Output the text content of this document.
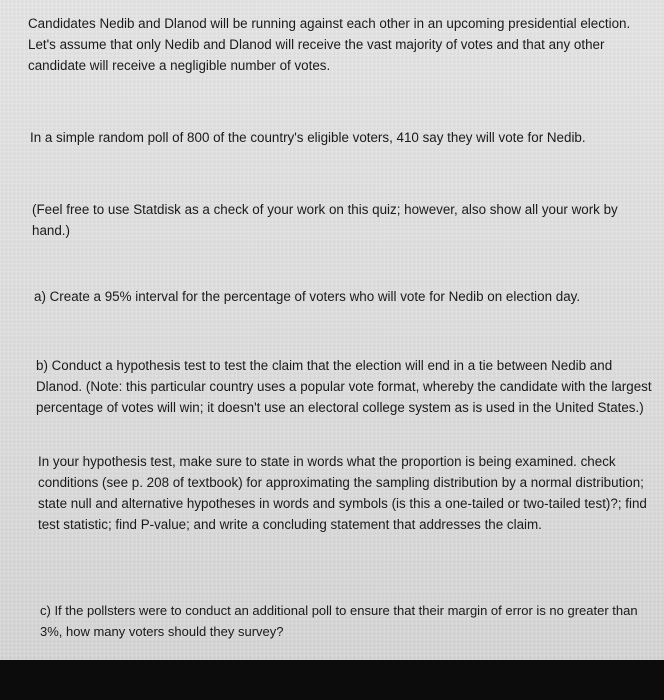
Candidates Nedib and Dlanod will be running against each other in an upcoming presidential election. Let's assume that only Nedib and Dlanod will receive the vast majority of votes and that any other candidate will receive a negligible number of votes.

In a simple random poll of 800 of the country's eligible voters, 410 say they will vote for Nedib.

(Feel free to use Statdisk as a check of your work on this quiz; however, also show all your work by hand.)

a) Create a 95% interval for the percentage of voters who will vote for Nedib on election day.

b) Conduct a hypothesis test to test the claim that the election will end in a tie between Nedib and Dlanod. (Note: this particular country uses a popular vote format, whereby the candidate with the largest percentage of votes will win; it doesn't use an electoral college system as is used in the United States.)

In your hypothesis test, make sure to state in words what the proportion is being examined. check conditions (see p. 208 of textbook) for approximating the sampling distribution by a normal distribution; state null and alternative hypotheses in words and symbols (is this a one-tailed or two-tailed test)?; find test statistic; find P-value; and write a concluding statement that addresses the claim.

c) If the pollsters were to conduct an additional poll to ensure that their margin of error is no greater than 3%, how many voters should they survey?
